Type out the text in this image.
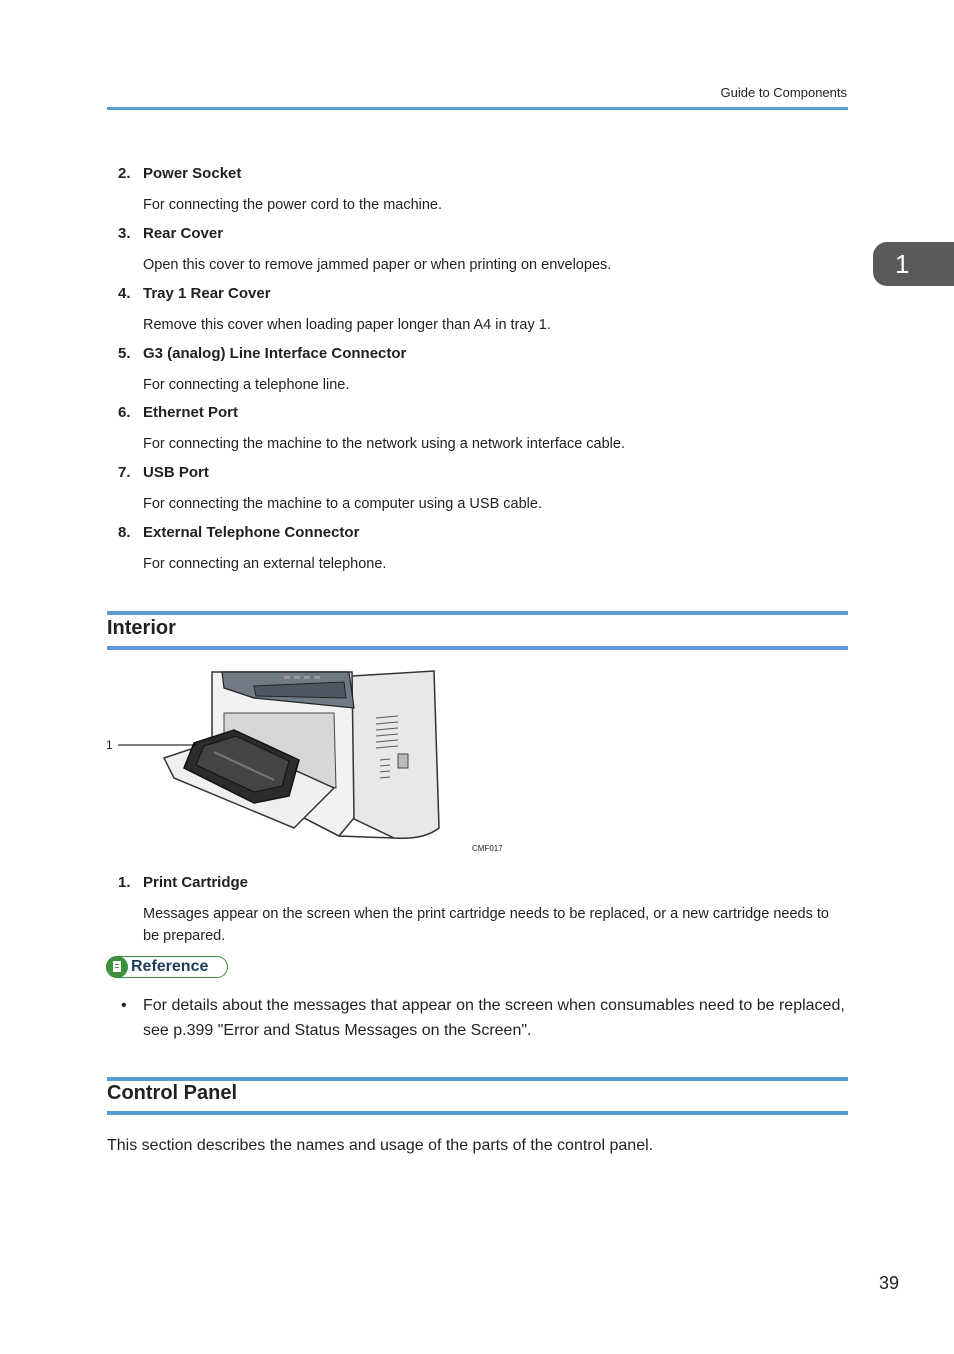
Guide to Components
1
2. Power Socket
For connecting the power cord to the machine.
3. Rear Cover
Open this cover to remove jammed paper or when printing on envelopes.
4. Tray 1 Rear Cover
Remove this cover when loading paper longer than A4 in tray 1.
5. G3 (analog) Line Interface Connector
For connecting a telephone line.
6. Ethernet Port
For connecting the machine to the network using a network interface cable.
7. USB Port
For connecting the machine to a computer using a USB cable.
8. External Telephone Connector
For connecting an external telephone.
Interior
1
CMF017
1. Print Cartridge
Messages appear on the screen when the print cartridge needs to be replaced, or a new cartridge needs to be prepared.
Reference
• For details about the messages that appear on the screen when consumables need to be replaced, see p.399 "Error and Status Messages on the Screen".
Control Panel
This section describes the names and usage of the parts of the control panel.
39
